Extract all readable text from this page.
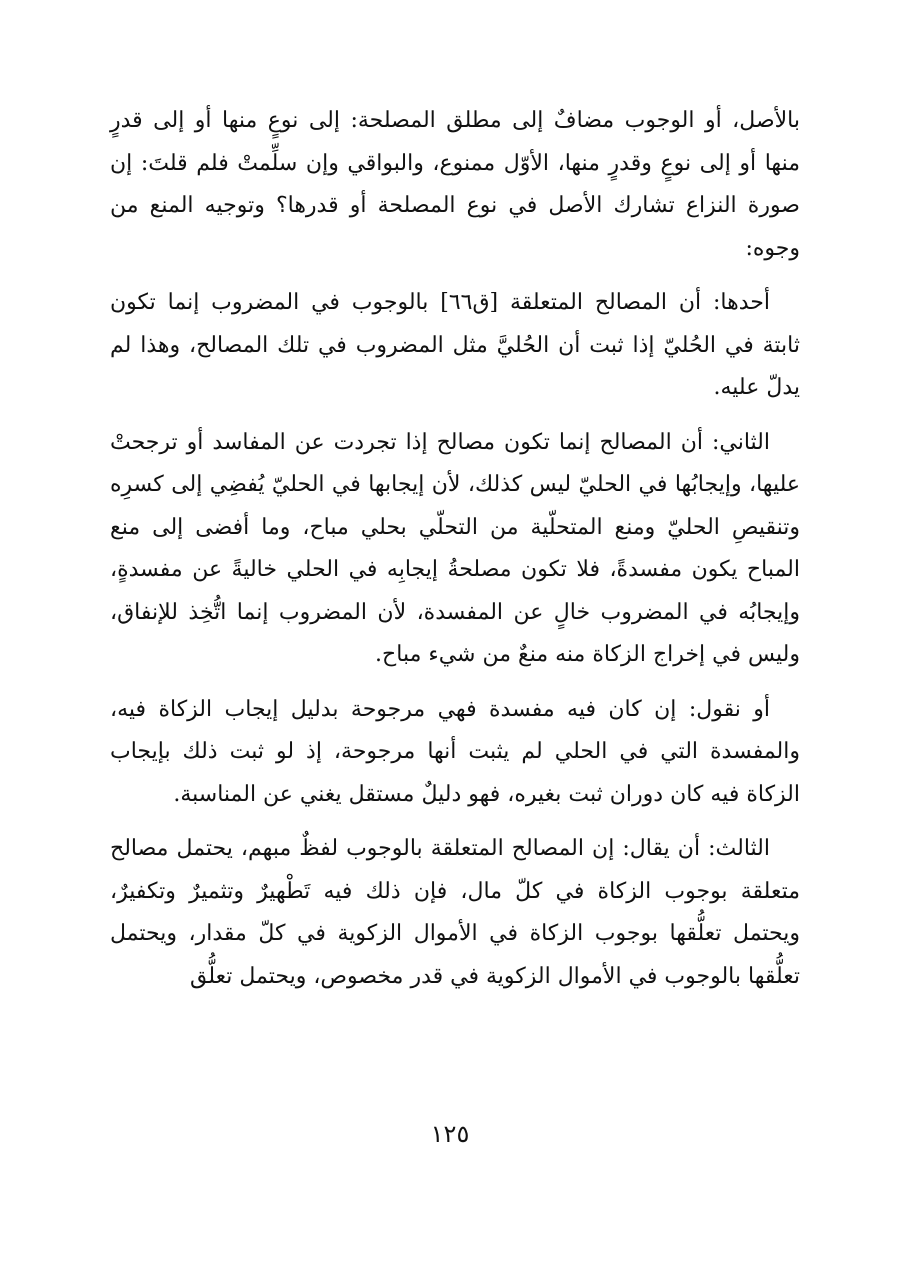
بالأصل، أو الوجوب مضافٌ إلى مطلق المصلحة: إلى نوعٍ منها أو إلى قدرٍ منها أو إلى نوعٍ وقدرٍ منها، الأوّل ممنوع، والبواقي وإن سلِّمتْ فلم قلتَ: إن صورة النزاع تشارك الأصل في نوع المصلحة أو قدرها؟ وتوجيه المنع من وجوه:

أحدها: أن المصالح المتعلقة [ق٦٦] بالوجوب في المضروب إنما تكون ثابتة في الحُليّ إذا ثبت أن الحُليَّ مثل المضروب في تلك المصالح، وهذا لم يدلّ عليه.

الثاني: أن المصالح إنما تكون مصالح إذا تجردت عن المفاسد أو ترجحتْ عليها، وإيجابُها في الحليّ ليس كذلك، لأن إيجابها في الحليّ يُفضِي إلى كسرِه وتنقيصِ الحليّ ومنع المتحلّية من التحلّي بحلي مباح، وما أفضى إلى منع المباح يكون مفسدةً، فلا تكون مصلحةُ إيجابِه في الحلي خاليةً عن مفسدةٍ، وإيجابُه في المضروب خالٍ عن المفسدة، لأن المضروب إنما اتُّخِذ للإنفاق، وليس في إخراج الزكاة منه منعٌ من شيء مباح.

أو نقول: إن كان فيه مفسدة فهي مرجوحة بدليل إيجاب الزكاة فيه، والمفسدة التي في الحلي لم يثبت أنها مرجوحة، إذ لو ثبت ذلك بإيجاب الزكاة فيه كان دوران ثبت بغيره، فهو دليلٌ مستقل يغني عن المناسبة.

الثالث: أن يقال: إن المصالح المتعلقة بالوجوب لفظٌ مبهم، يحتمل مصالح متعلقة بوجوب الزكاة في كلّ مال، فإن ذلك فيه تَطْهيرٌ وتثميرٌ وتكفيرٌ، ويحتمل تعلُّقها بوجوب الزكاة في الأموال الزكوية في كلّ مقدار، ويحتمل تعلُّقها بالوجوب في الأموال الزكوية في قدر مخصوص، ويحتمل تعلُّق

١٢٥
